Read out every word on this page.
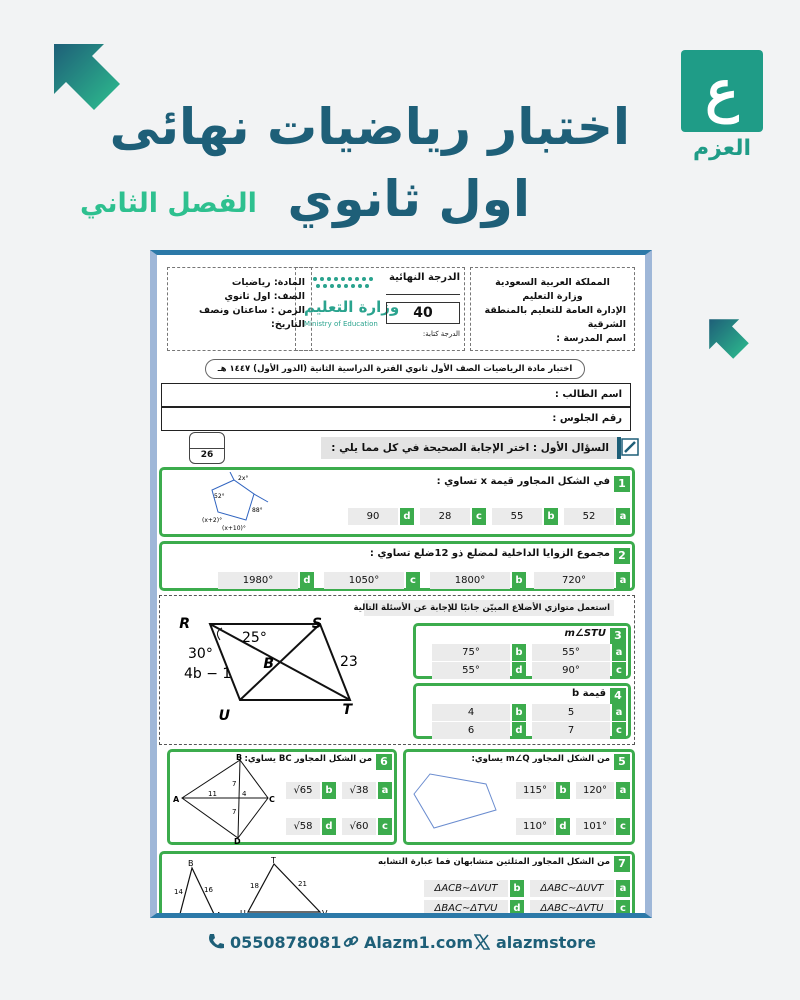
ع
العزم
اختبار رياضيات نهائى
اول ثانوي
الفصل الثاني
المملكة العربية السعودية
وزارة التعليم
الإدارة العامة للتعليم بالمنطقة الشرقية
اسم المدرسة :
وزارة التعليم
Ministry of Education
الدرجة النهائية
40
الدرجة كتابة:
المادة: رياضيات
الصف: اول ثانوي
الزمن : ساعتان ونصف
التاريخ:
اختبار مادة الرياضيات الصف الأول ثانوي الفترة الدراسية الثانية (الدور الأول) ١٤٤٧ هـ
اسم الطالب :
رقم الجلوس :
السؤال الأول : اختر الإجابة الصحيحة في كل مما يلي :
26
1
في الشكل المجاور قيمة x تساوي :
a
52
b
55
c
28
d
90
2x°
52°
(x+2)°
(x+10)°
88°
2
مجموع الزوايا الداخلية لمضلع ذو 12ضلع تساوي :
a
720°
b
1800°
c
1050°
d
1980°
استعمل متوازي الأضلاع المبيّن جانبًا للإجابة عن الأسئلة التالية
R	S
B
U	T
25°
30°
4b − 1
23
3
m∠STU
a
55°
b
75°
c
90°
d
55°
4
قيمة b
a
5
b
4
c
7
d
6
5
من الشكل المجاور m∠Q يساوي:
a
120°
b
115°
c
101°
d
110°
6
من الشكل المجاور BC يساوي:
a
√38
b
√65
c
√60
d
√58
B
A	C
D
7
11	4
7
7
من الشكل المجاور المثلثين متشابهان فما عبارة التشابه
a
ΔABC∼ΔUVT
b
ΔACB∼ΔVUT
c
ΔABC∼ΔVTU
d
ΔBAC∼ΔTVU
B
C	A
14	16
12
T
U	V
18	21
24
0550878081 Alazm1.com alazmstore
